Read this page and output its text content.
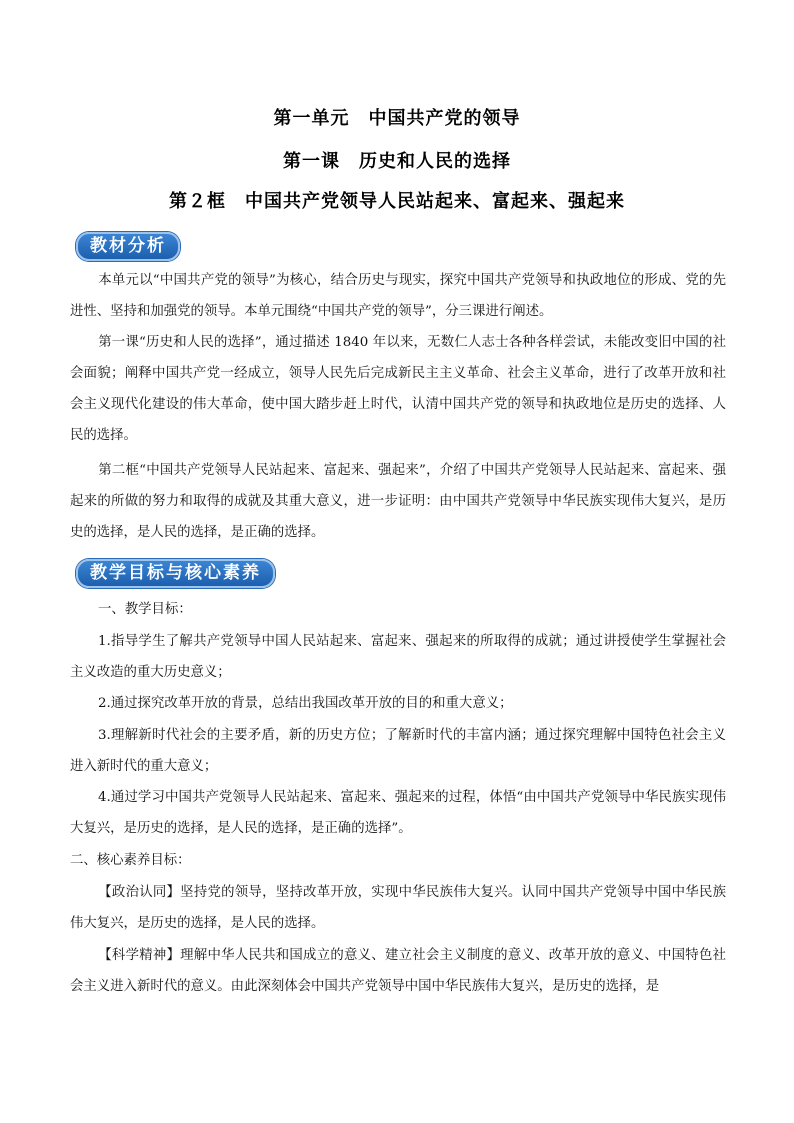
第一单元　中国共产党的领导
第一课　历史和人民的选择
第２框　中国共产党领导人民站起来、富起来、强起来
教材分析

本单元以“中国共产党的领导”为核心，结合历史与现实，探究中国共产党领导和执政地位的形成、党的先进性、坚持和加强党的领导。本单元围绕“中国共产党的领导”，分三课进行阐述。

第一课“历史和人民的选择”，通过描述 1840 年以来，无数仁人志士各种各样尝试，未能改变旧中国的社会面貌；阐释中国共产党一经成立，领导人民先后完成新民主主义革命、社会主义革命，进行了改革开放和社会主义现代化建设的伟大革命，使中国大踏步赶上时代，认清中国共产党的领导和执政地位是历史的选择、人民的选择。

第二框“中国共产党领导人民站起来、富起来、强起来”，介绍了中国共产党领导人民站起来、富起来、强起来的所做的努力和取得的成就及其重大意义，进一步证明：由中国共产党领导中华民族实现伟大复兴，是历史的选择，是人民的选择，是正确的选择。

教学目标与核心素养

一、教学目标：

1.指导学生了解共产党领导中国人民站起来、富起来、强起来的所取得的成就；通过讲授使学生掌握社会主义改造的重大历史意义；

2.通过探究改革开放的背景，总结出我国改革开放的目的和重大意义；

3.理解新时代社会的主要矛盾，新的历史方位；了解新时代的丰富内涵；通过探究理解中国特色社会主义进入新时代的重大意义；

4.通过学习中国共产党领导人民站起来、富起来、强起来的过程，体悟“由中国共产党领导中华民族实现伟大复兴，是历史的选择，是人民的选择，是正确的选择”。

二、核心素养目标：

【政治认同】坚持党的领导，坚持改革开放，实现中华民族伟大复兴。认同中国共产党领导中国中华民族伟大复兴，是历史的选择，是人民的选择。

【科学精神】理解中华人民共和国成立的意义、建立社会主义制度的意义、改革开放的意义、中国特色社会主义进入新时代的意义。由此深刻体会中国共产党领导中国中华民族伟大复兴，是历史的选择，是
